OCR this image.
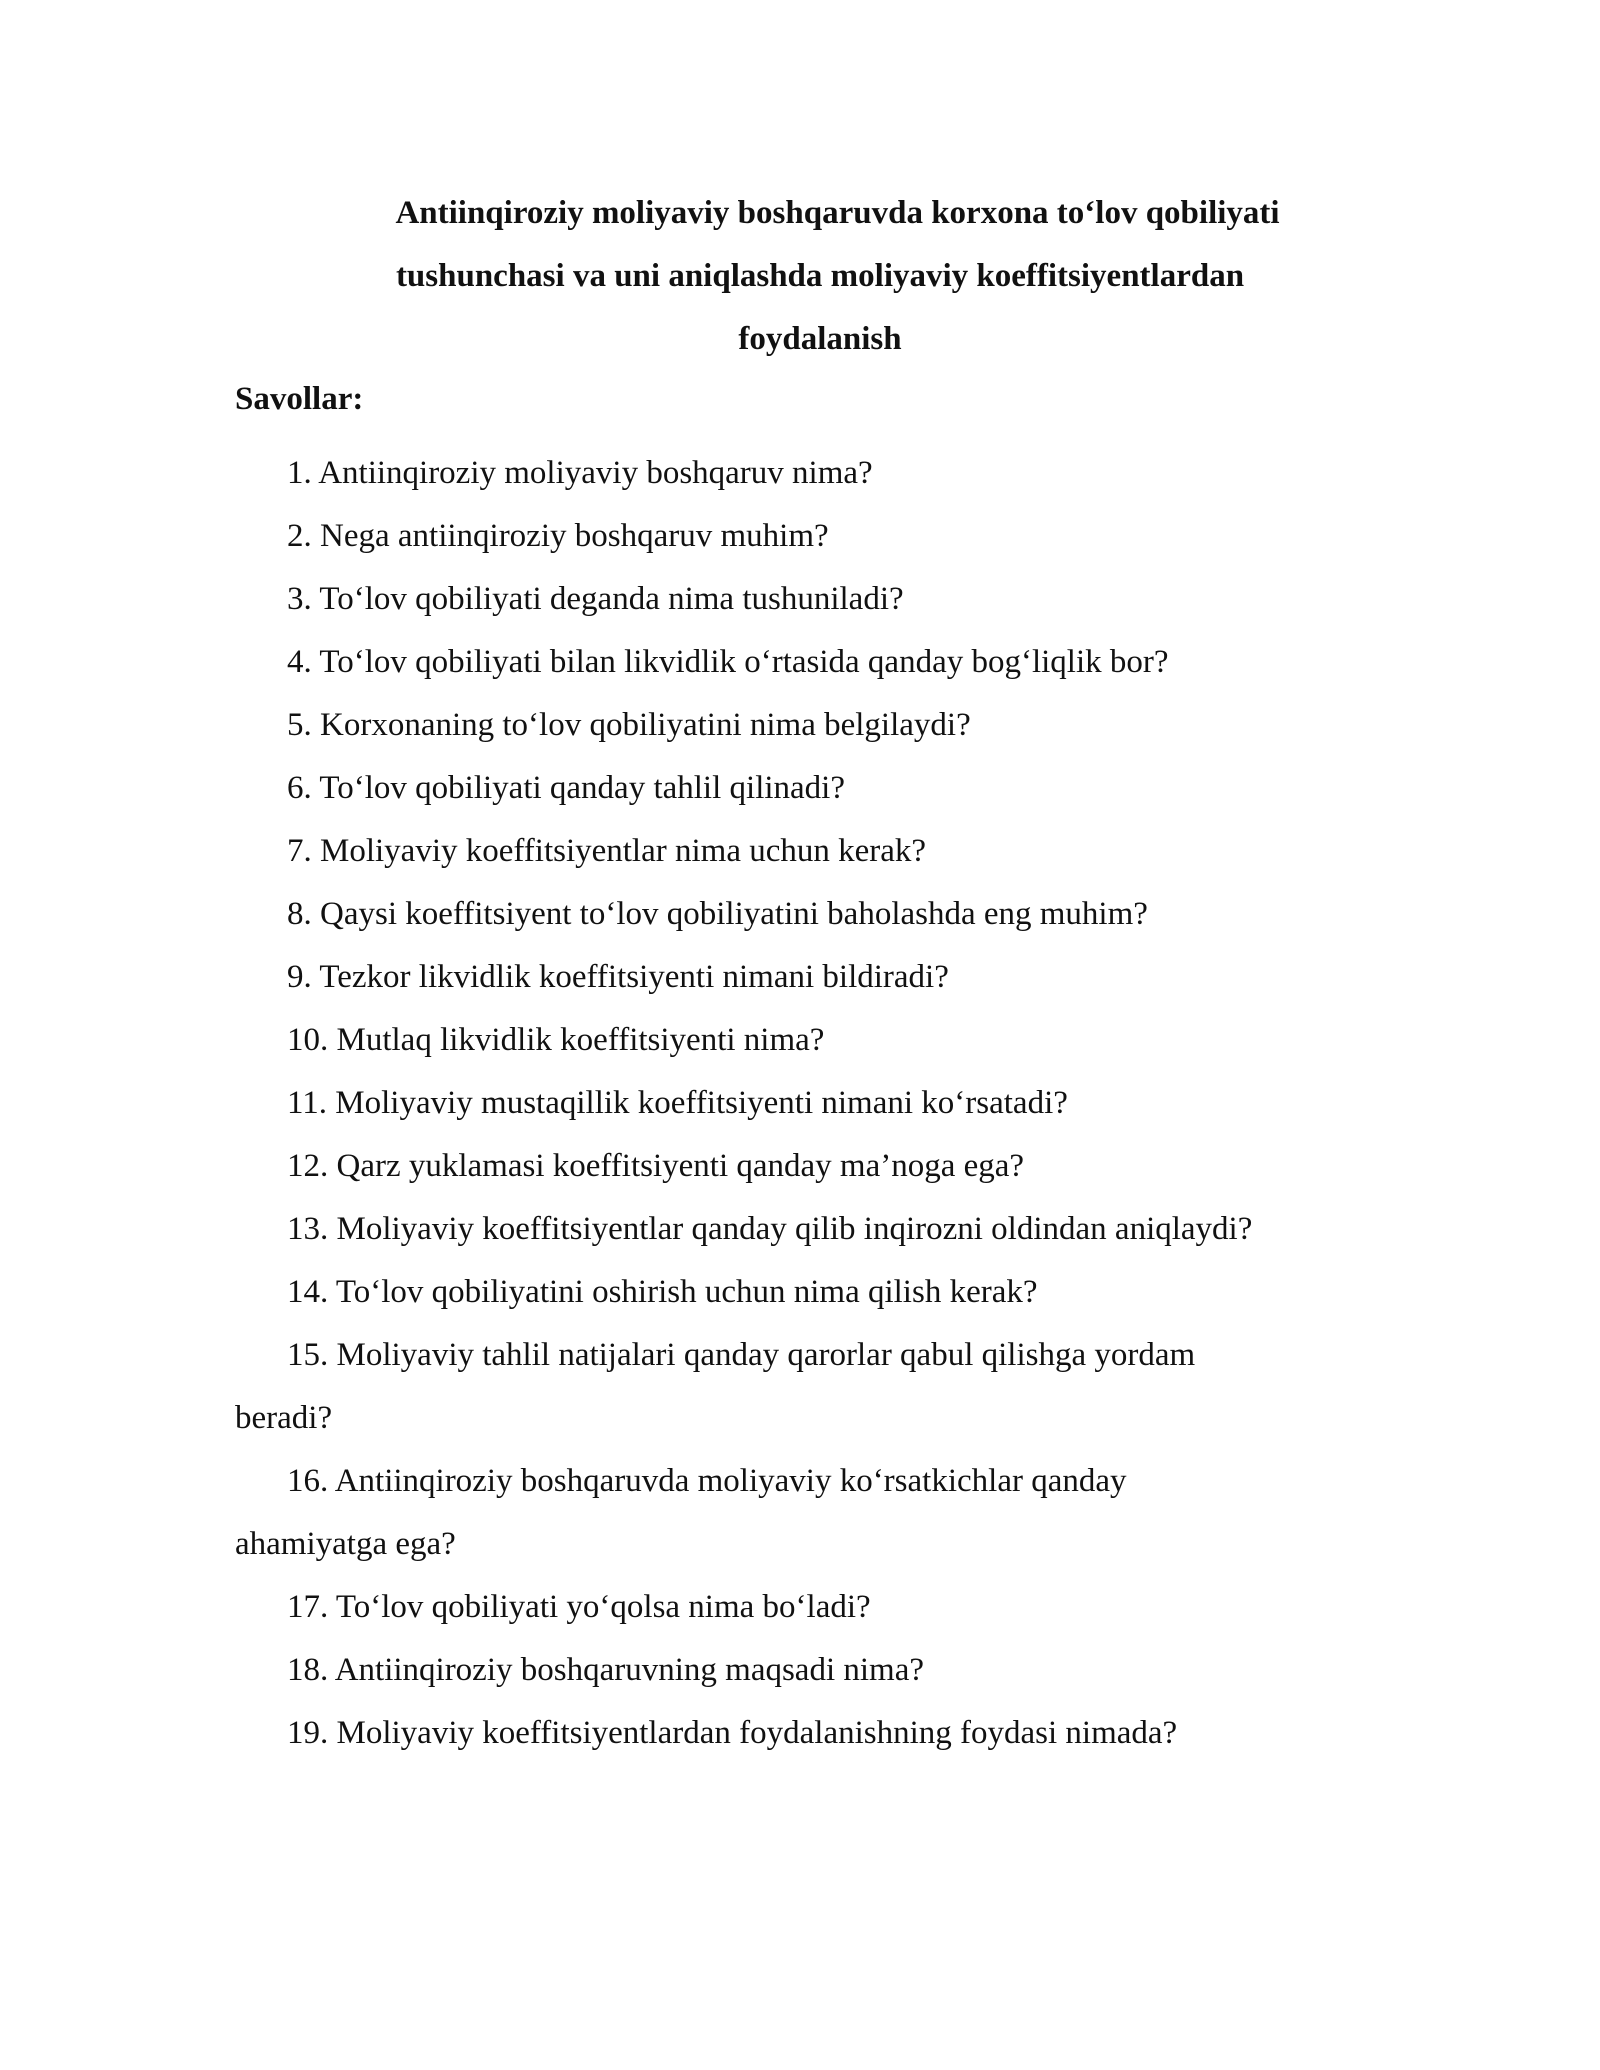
Antiinqiroziy moliyaviy boshqaruvda korxona to‘lov qobiliyati
tushunchasi va uni aniqlashda moliyaviy koeffitsiyentlardan
foydalanish
Savollar:
1. Antiinqiroziy moliyaviy boshqaruv nima?
2. Nega antiinqiroziy boshqaruv muhim?
3. To‘lov qobiliyati deganda nima tushuniladi?
4. To‘lov qobiliyati bilan likvidlik o‘rtasida qanday bog‘liqlik bor?
5. Korxonaning to‘lov qobiliyatini nima belgilaydi?
6. To‘lov qobiliyati qanday tahlil qilinadi?
7. Moliyaviy koeffitsiyentlar nima uchun kerak?
8. Qaysi koeffitsiyent to‘lov qobiliyatini baholashda eng muhim?
9. Tezkor likvidlik koeffitsiyenti nimani bildiradi?
10. Mutlaq likvidlik koeffitsiyenti nima?
11. Moliyaviy mustaqillik koeffitsiyenti nimani ko‘rsatadi?
12. Qarz yuklamasi koeffitsiyenti qanday ma’noga ega?
13. Moliyaviy koeffitsiyentlar qanday qilib inqirozni oldindan aniqlaydi?
14. To‘lov qobiliyatini oshirish uchun nima qilish kerak?
15. Moliyaviy tahlil natijalari qanday qarorlar qabul qilishga yordam
beradi?
16. Antiinqiroziy boshqaruvda moliyaviy ko‘rsatkichlar qanday
ahamiyatga ega?
17. To‘lov qobiliyati yo‘qolsa nima bo‘ladi?
18. Antiinqiroziy boshqaruvning maqsadi nima?
19. Moliyaviy koeffitsiyentlardan foydalanishning foydasi nimada?
